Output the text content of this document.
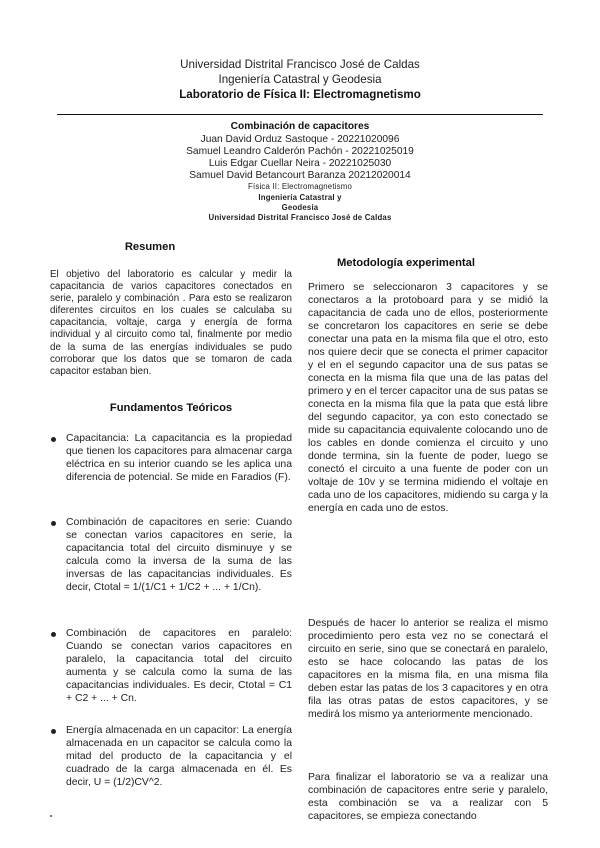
Universidad Distrital Francisco José de Caldas
Ingeniería Catastral y Geodesia
Laboratorio de Física II: Electromagnetismo
Combinación de capacitores
Juan David Orduz Sastoque - 20221020096
Samuel Leandro Calderón Pachón - 20221025019
Luis Edgar Cuellar Neira - 20221025030
Samuel David Betancourt Baranza 20212020014
Física II: Electromagnetismo
Ingeniería Catastral y
Geodesia
Universidad Distrital Francisco José de Caldas
Resumen

El objetivo del laboratorio es calcular y medir la capacitancia de varios capacitores conectados en serie, paralelo y combinación . Para esto se realizaron diferentes circuitos en los cuales se calculaba su capacitancia, voltaje, carga y energía de forma individual y al circuito como tal, finalmente por medio de la suma de las energías individuales se pudo corroborar que los datos que se tomaron de cada capacitor estaban bien.

Fundamentos Teóricos
Capacitancia: La capacitancia es la propiedad que tienen los capacitores para almacenar carga eléctrica en su interior cuando se les aplica una diferencia de potencial. Se mide en Faradios (F).
Combinación de capacitores en serie: Cuando se conectan varios capacitores en serie, la capacitancia total del circuito disminuye y se calcula como la inversa de la suma de las inversas de las capacitancias individuales. Es decir, Ctotal = 1/(1/C1 + 1/C2 + ... + 1/Cn).
Combinación de capacitores en paralelo: Cuando se conectan varios capacitores en paralelo, la capacitancia total del circuito aumenta y se calcula como la suma de las capacitancias individuales. Es decir, Ctotal = C1 + C2 + ... + Cn.
Energía almacenada en un capacitor: La energía almacenada en un capacitor se calcula como la mitad del producto de la capacitancia y el cuadrado de la carga almacenada en él. Es decir, U = (1/2)CV^2.
Metodología experimental

Primero se seleccionaron 3 capacitores y se conectaros a la protoboard para y se midió la capacitancia de cada uno de ellos, posteriormente se concretaron los capacitores en serie se debe conectar una pata en la misma fila que el otro, esto nos quiere decir que se conecta el primer capacitor y el en el segundo capacitor una de sus patas se conecta en la misma fila que una de las patas del primero y en el tercer capacitor una de sus patas se conecta en la misma fila que la pata que está libre del segundo capacitor, ya con esto conectado se mide su capacitancia equivalente colocando uno de los cables en donde comienza el circuito y uno donde termina, sin la fuente de poder, luego se conectó el circuito a una fuente de poder con un voltaje de 10v y se termina midiendo el voltaje en cada uno de los capacitores, midiendo su carga y la energía en cada uno de estos.

Después de hacer lo anterior se realiza el mismo procedimiento pero esta vez no se conectará el circuito en serie, sino que se conectará en paralelo, esto se hace colocando las patas de los capacitores en la misma fila, en una misma fila deben estar las patas de los 3 capacitores y en otra fila las otras patas de estos capacitores, y se medirá los mismo ya anteriormente mencionado.

Para finalizar el laboratorio se va a realizar una combinación de capacitores entre serie y paralelo, esta combinación se va a realizar con 5 capacitores, se empieza conectando
